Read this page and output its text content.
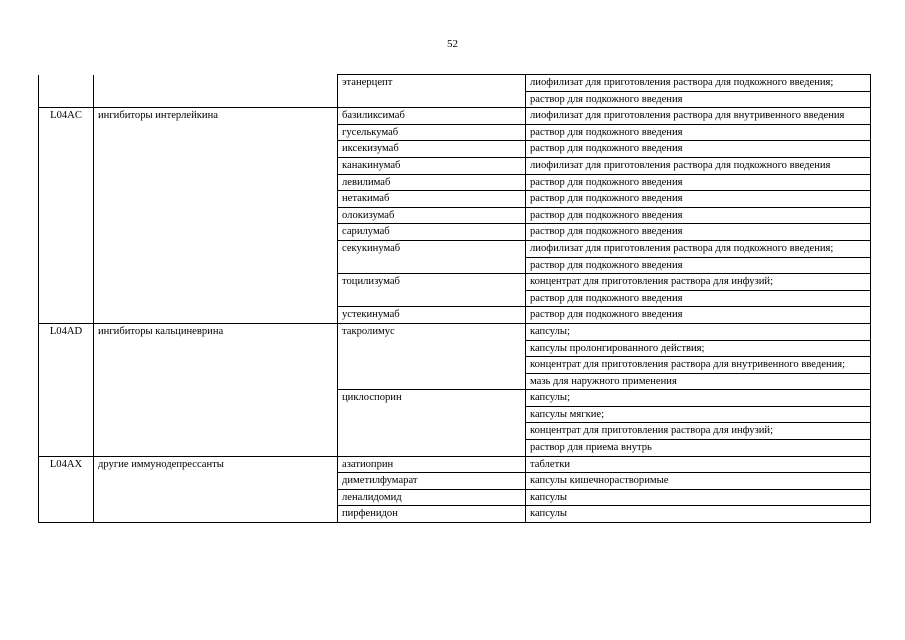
52
		этанерцепт	лиофилизат для приготовления раствора для подкожного введения;
			раствор для подкожного введения
L04AC	ингибиторы интерлейкина	базиликсимаб	лиофилизат для приготовления раствора для внутривенного введения
		гуселькумаб	раствор для подкожного введения
		иксекизумаб	раствор для подкожного введения
		канакинумаб	лиофилизат для приготовления раствора для подкожного введения
		левилимаб	раствор для подкожного введения
		нетакимаб	раствор для подкожного введения
		олокизумаб	раствор для подкожного введения
		сарилумаб	раствор для подкожного введения
		секукинумаб	лиофилизат для приготовления раствора для подкожного введения;
			раствор для подкожного введения
		тоцилизумаб	концентрат для приготовления раствора для инфузий;
			раствор для подкожного введения
		устекинумаб	раствор для подкожного введения
L04AD	ингибиторы кальциневрина	такролимус	капсулы;
			капсулы пролонгированного действия;
			концентрат для приготовления раствора для внутривенного введения;
			мазь для наружного применения
		циклоспорин	капсулы;
			капсулы мягкие;
			концентрат для приготовления раствора для инфузий;
			раствор для приема внутрь
L04AX	другие иммунодепрессанты	азатиоприн	таблетки
		диметилфумарат	капсулы кишечнорастворимые
		леналидомид	капсулы
		пирфенидон	капсулы
